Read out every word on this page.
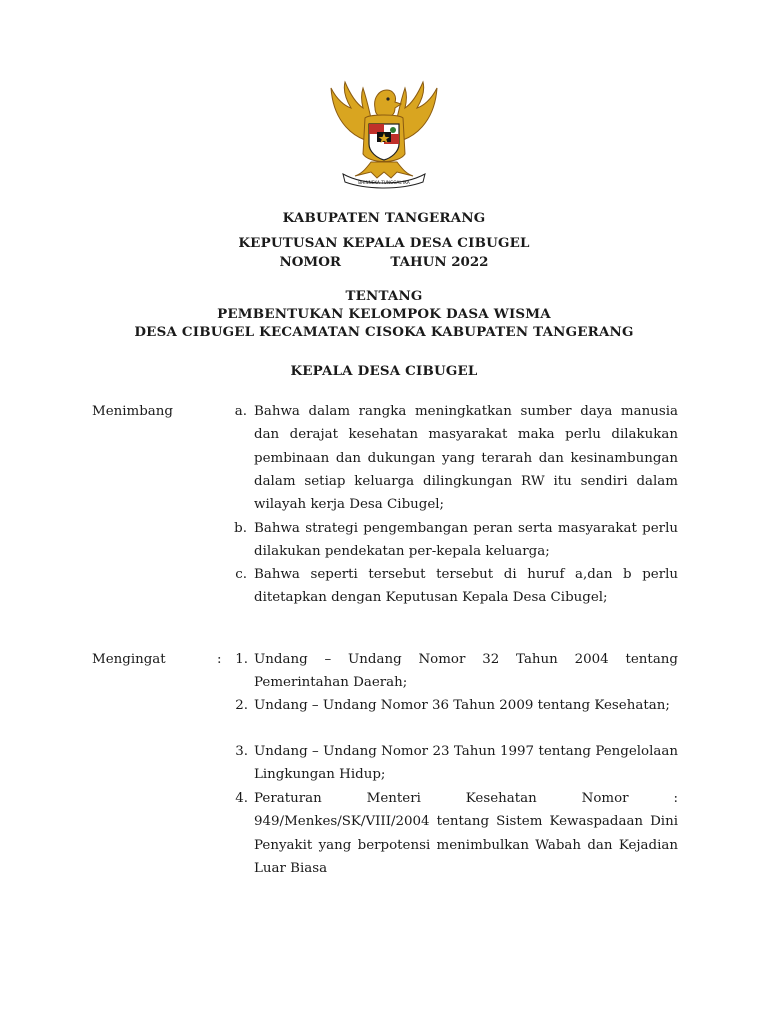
BHINNEKA TUNGGAL IKA
KABUPATEN TANGERANG
KEPUTUSAN KEPALA DESA CIBUGEL
NOMOR	TAHUN 2022
TENTANG
PEMBENTUKAN KELOMPOK DASA WISMA
DESA CIBUGEL KECAMATAN CISOKA KABUPATEN TANGERANG
KEPALA DESA CIBUGEL
Menimbang	a. Bahwa dalam rangka meningkatkan sumber daya manusia dan derajat kesehatan masyarakat maka perlu dilakukan pembinaan dan dukungan yang terarah dan kesinambungan dalam setiap keluarga dilingkungan RW itu sendiri dalam wilayah kerja Desa Cibugel;
b. Bahwa strategi pengembangan peran serta masyarakat perlu dilakukan pendekatan per-kepala keluarga;
c. Bahwa seperti tersebut tersebut di huruf a,dan b perlu ditetapkan dengan Keputusan Kepala Desa Cibugel;
Mengingat	:	1. Undang – Undang Nomor 32 Tahun 2004 tentang Pemerintahan Daerah;
2. Undang – Undang Nomor 36 Tahun 2009 tentang Kesehatan;
3. Undang – Undang Nomor 23 Tahun 1997 tentang Pengelolaan Lingkungan Hidup;
4. Peraturan Menteri Kesehatan Nomor : 949/Menkes/SK/VIII/2004 tentang Sistem Kewaspadaan Dini Penyakit yang berpotensi menimbulkan Wabah dan Kejadian Luar Biasa
